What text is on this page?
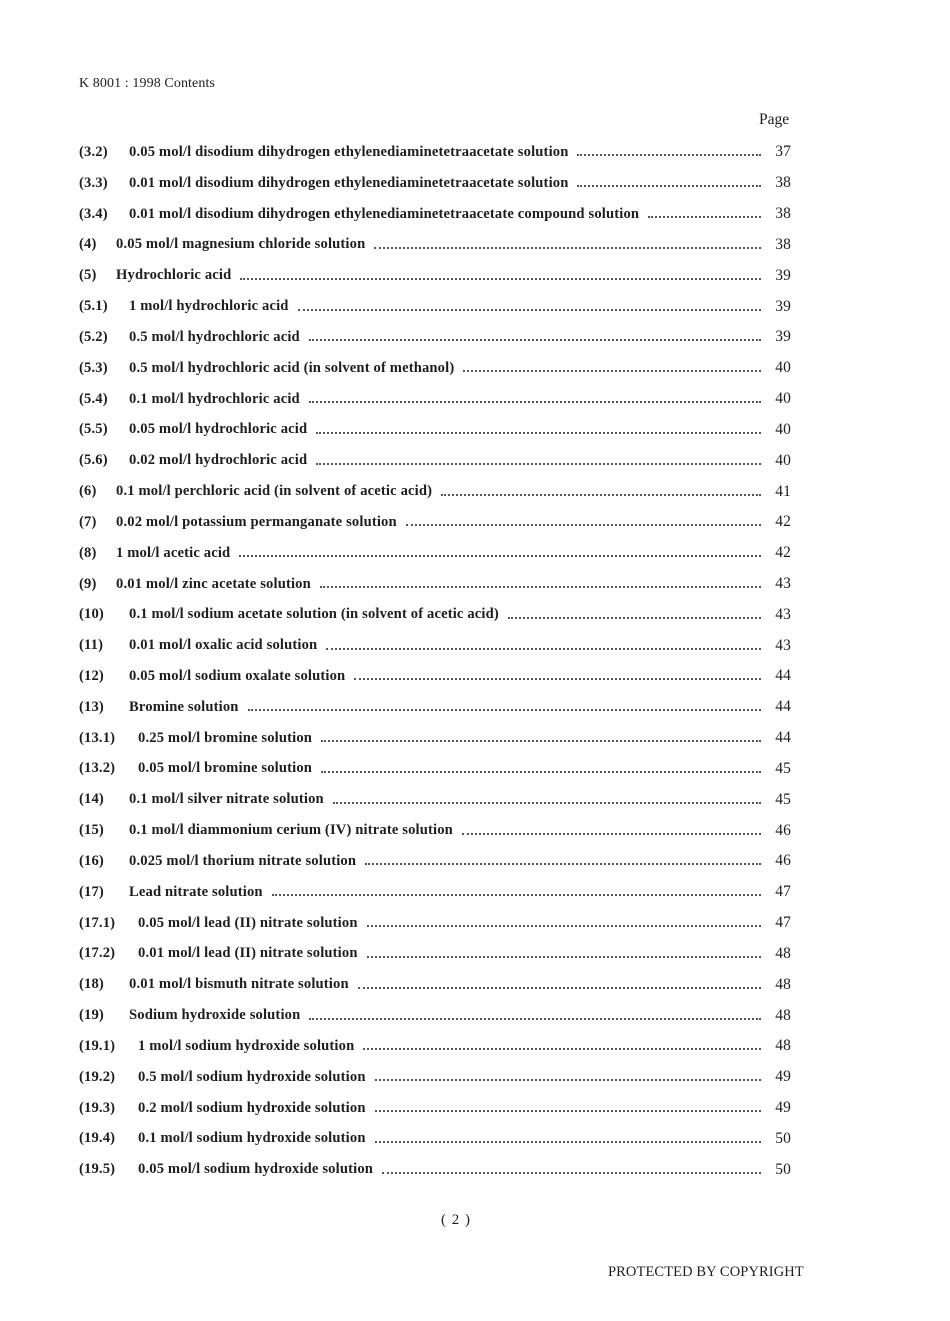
K 8001 : 1998 Contents
Page
(3.2)	0.05 mol/l disodium dihydrogen ethylenediaminetetraacetate solution	37
(3.3)	0.01 mol/l disodium dihydrogen ethylenediaminetetraacetate solution	38
(3.4)	0.01 mol/l disodium dihydrogen ethylenediaminetetraacetate compound solution	38
(4)	0.05 mol/l magnesium chloride solution	38
(5)	Hydrochloric acid	39
(5.1)	1 mol/l hydrochloric acid	39
(5.2)	0.5 mol/l hydrochloric acid	39
(5.3)	0.5 mol/l hydrochloric acid (in solvent of methanol)	40
(5.4)	0.1 mol/l hydrochloric acid	40
(5.5)	0.05 mol/l hydrochloric acid	40
(5.6)	0.02 mol/l hydrochloric acid	40
(6)	0.1 mol/l perchloric acid (in solvent of acetic acid)	41
(7)	0.02 mol/l potassium permanganate solution	42
(8)	1 mol/l acetic acid	42
(9)	0.01 mol/l zinc acetate solution	43
(10)	0.1 mol/l sodium acetate solution (in solvent of acetic acid)	43
(11)	0.01 mol/l oxalic acid solution	43
(12)	0.05 mol/l sodium oxalate solution	44
(13)	Bromine solution	44
(13.1)	0.25 mol/l bromine solution	44
(13.2)	0.05 mol/l bromine solution	45
(14)	0.1 mol/l silver nitrate solution	45
(15)	0.1 mol/l diammonium cerium (IV) nitrate solution	46
(16)	0.025 mol/l thorium nitrate solution	46
(17)	Lead nitrate solution	47
(17.1)	0.05 mol/l lead (II) nitrate solution	47
(17.2)	0.01 mol/l lead (II) nitrate solution	48
(18)	0.01 mol/l bismuth nitrate solution	48
(19)	Sodium hydroxide solution	48
(19.1)	1 mol/l sodium hydroxide solution	48
(19.2)	0.5 mol/l sodium hydroxide solution	49
(19.3)	0.2 mol/l sodium hydroxide solution	49
(19.4)	0.1 mol/l sodium hydroxide solution	50
(19.5)	0.05 mol/l sodium hydroxide solution	50
( 2 )
PROTECTED BY COPYRIGHT
